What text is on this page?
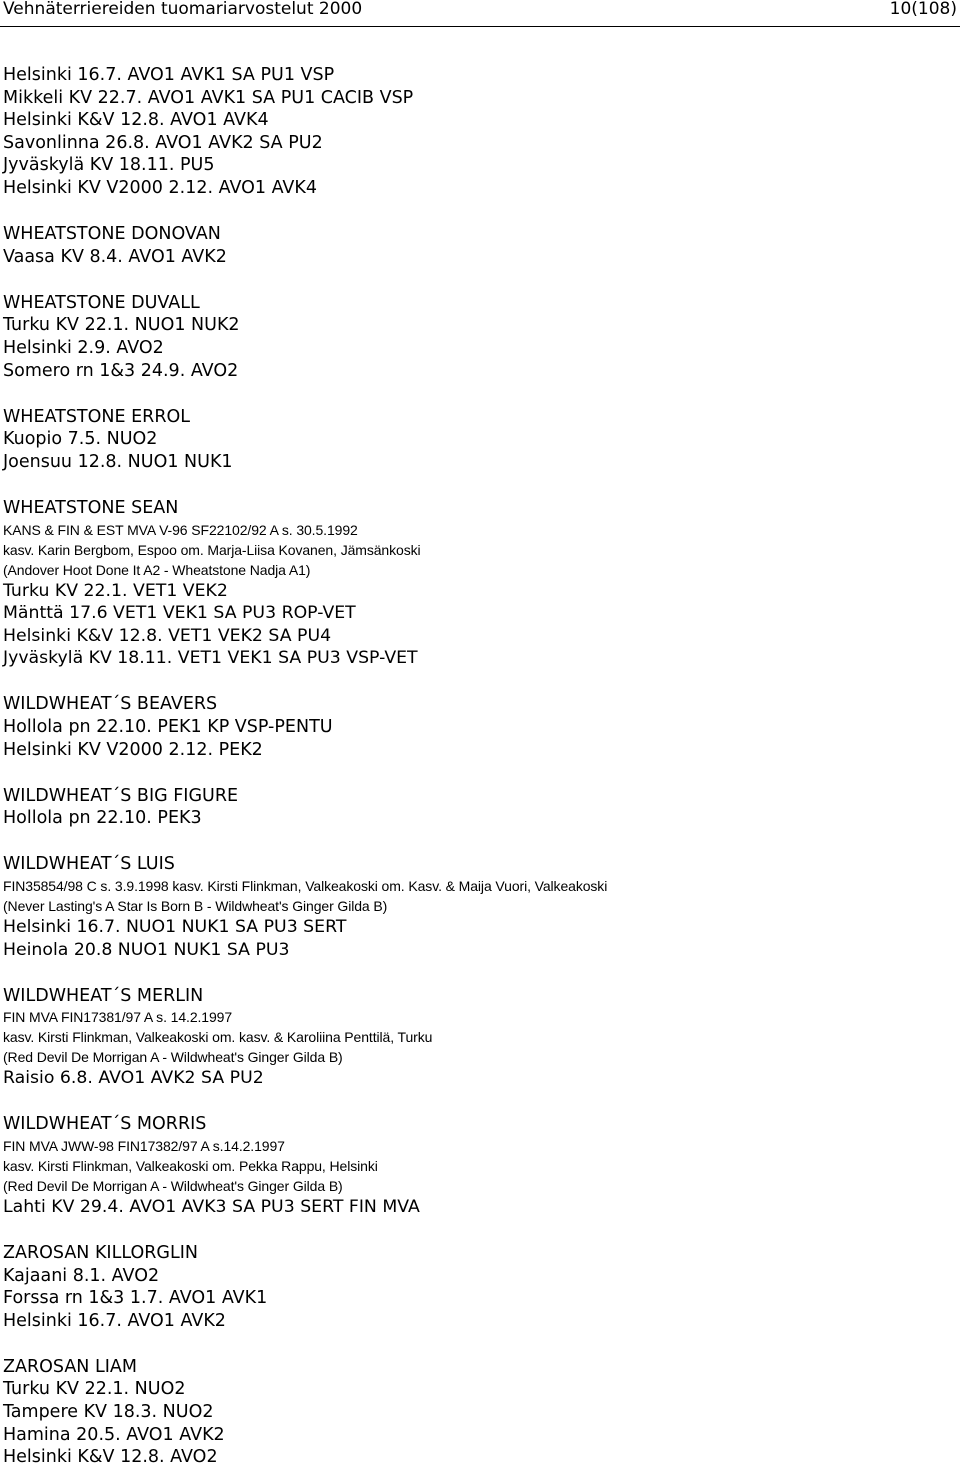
Vehnäterriereiden tuomariarvostelut 2000	10(108)
Helsinki 16.7. AVO1 AVK1 SA PU1 VSP
Mikkeli KV 22.7. AVO1 AVK1 SA PU1 CACIB VSP
Helsinki K&V 12.8. AVO1 AVK4
Savonlinna 26.8. AVO1 AVK2 SA PU2
Jyväskylä KV 18.11. PU5
Helsinki KV V2000 2.12. AVO1 AVK4
WHEATSTONE DONOVAN
Vaasa KV 8.4. AVO1 AVK2
WHEATSTONE DUVALL
Turku KV 22.1. NUO1 NUK2
Helsinki 2.9. AVO2
Somero rn 1&3 24.9. AVO2
WHEATSTONE ERROL
Kuopio 7.5. NUO2
Joensuu 12.8. NUO1 NUK1
WHEATSTONE SEAN
KANS & FIN & EST MVA V-96 SF22102/92 A s. 30.5.1992
kasv. Karin Bergbom, Espoo om. Marja-Liisa Kovanen, Jämsänkoski
(Andover Hoot Done It A2 - Wheatstone Nadja A1)
Turku KV 22.1. VET1 VEK2
Mänttä 17.6 VET1 VEK1 SA PU3 ROP-VET
Helsinki K&V 12.8. VET1 VEK2 SA PU4
Jyväskylä KV 18.11. VET1 VEK1 SA PU3 VSP-VET
WILDWHEAT´S BEAVERS
Hollola pn 22.10. PEK1 KP VSP-PENTU
Helsinki KV V2000 2.12. PEK2
WILDWHEAT´S BIG FIGURE
Hollola pn 22.10. PEK3
WILDWHEAT´S LUIS
FIN35854/98 C s. 3.9.1998 kasv. Kirsti Flinkman, Valkeakoski om. Kasv. & Maija Vuori, Valkeakoski
(Never Lasting's A Star Is Born B - Wildwheat's Ginger Gilda B)
Helsinki 16.7. NUO1 NUK1 SA PU3 SERT
Heinola 20.8 NUO1 NUK1 SA PU3
WILDWHEAT´S MERLIN
FIN MVA FIN17381/97 A s. 14.2.1997
kasv. Kirsti Flinkman, Valkeakoski om. kasv. & Karoliina Penttilä, Turku
(Red Devil De Morrigan A - Wildwheat's Ginger Gilda B)
Raisio 6.8. AVO1 AVK2 SA PU2
WILDWHEAT´S MORRIS
FIN MVA JWW-98 FIN17382/97 A s.14.2.1997
kasv. Kirsti Flinkman, Valkeakoski om. Pekka Rappu, Helsinki
(Red Devil De Morrigan A - Wildwheat's Ginger Gilda B)
Lahti KV 29.4. AVO1 AVK3 SA PU3 SERT FIN MVA
ZAROSAN KILLORGLIN
Kajaani 8.1. AVO2
Forssa rn 1&3 1.7. AVO1 AVK1
Helsinki 16.7. AVO1 AVK2
ZAROSAN LIAM
Turku KV 22.1. NUO2
Tampere KV 18.3. NUO2
Hamina 20.5. AVO1 AVK2
Helsinki K&V 12.8. AVO2
